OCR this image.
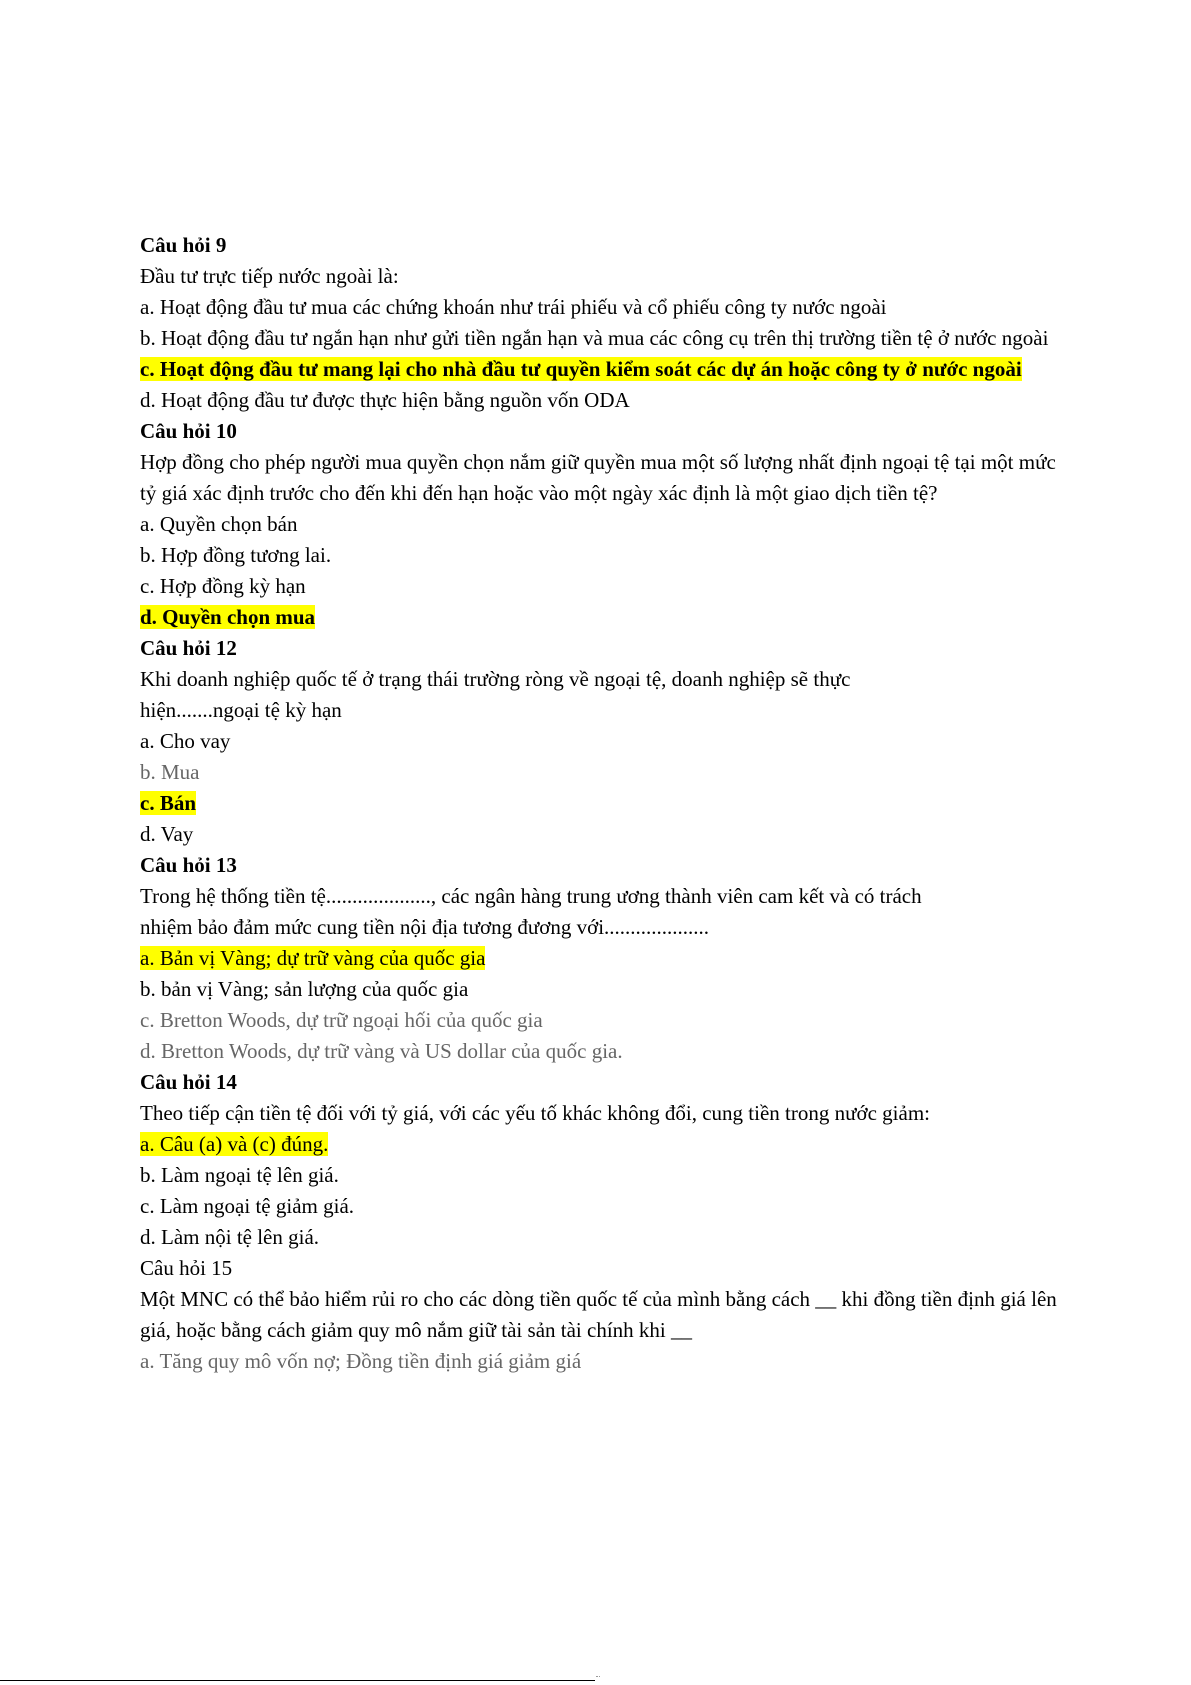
Câu hỏi 9
Đầu tư trực tiếp nước ngoài là:
a. Hoạt động đầu tư mua các chứng khoán như trái phiếu và cổ phiếu công ty nước ngoài
b. Hoạt động đầu tư ngắn hạn như gửi tiền ngắn hạn và mua các công cụ trên thị trường tiền tệ ở nước ngoài
c. Hoạt động đầu tư mang lại cho nhà đầu tư quyền kiểm soát các dự án hoặc công ty ở nước ngoài
d. Hoạt động đầu tư được thực hiện bằng nguồn vốn ODA
Câu hỏi 10
Hợp đồng cho phép người mua quyền chọn nắm giữ quyền mua một số lượng nhất định ngoại tệ tại một mức tỷ giá xác định trước cho đến khi đến hạn hoặc vào một ngày xác định là một giao dịch tiền tệ?
a. Quyền chọn bán
b. Hợp đồng tương lai.
c. Hợp đồng kỳ hạn
d. Quyền chọn mua
Câu hỏi 12
Khi doanh nghiệp quốc tế ở trạng thái trường ròng về ngoại tệ, doanh nghiệp sẽ thực
hiện.......ngoại tệ kỳ hạn
a. Cho vay
b. Mua
c. Bán
d. Vay
Câu hỏi 13
Trong hệ thống tiền tệ...................., các ngân hàng trung ương thành viên cam kết và có trách
nhiệm bảo đảm mức cung tiền nội địa tương đương với....................
a. Bản vị Vàng; dự trữ vàng của quốc gia
b. bản vị Vàng; sản lượng của quốc gia
c. Bretton Woods, dự trữ ngoại hối của quốc gia
d. Bretton Woods, dự trữ vàng và US dollar của quốc gia.
Câu hỏi 14
Theo tiếp cận tiền tệ đối với tỷ giá, với các yếu tố khác không đổi, cung tiền trong nước giảm:
a. Câu (a) và (c) đúng.
b. Làm ngoại tệ lên giá.
c. Làm ngoại tệ giảm giá.
d. Làm nội tệ lên giá.
Câu hỏi 15
Một MNC có thể bảo hiểm rủi ro cho các dòng tiền quốc tế của mình bằng cách __ khi đồng tiền định giá lên giá, hoặc bằng cách giảm quy mô nắm giữ tài sản tài chính khi __
a. Tăng quy mô vốn nợ; Đồng tiền định giá giảm giá
